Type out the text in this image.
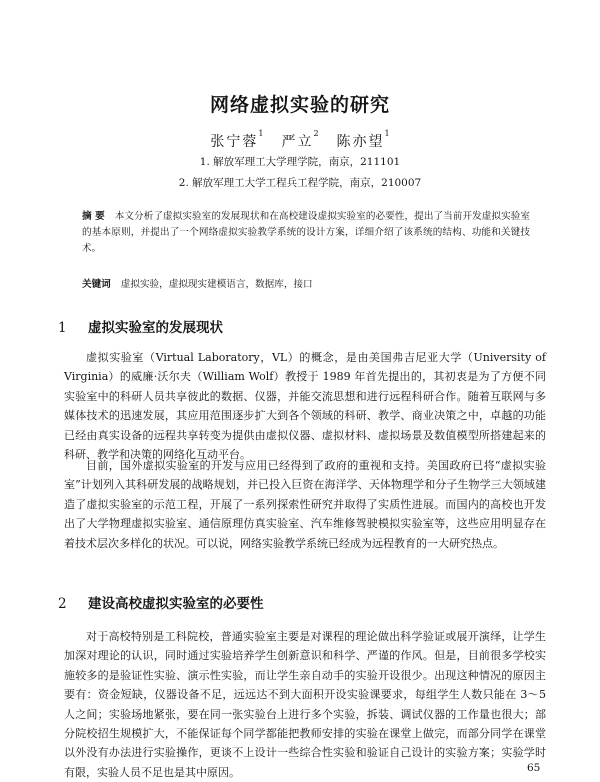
网络虚拟实验的研究
张宁蓉$^1$严立$^2$陈亦望$^1$
1. 解放军理工大学理学院，南京，211101
2. 解放军理工大学工程兵工程学院，南京，210007
摘 要 本文分析了虚拟实验室的发展现状和在高校建设虚拟实验室的必要性，提出了当前开发虚拟实验室的基本原则，并提出了一个网络虚拟实验教学系统的设计方案，详细介绍了该系统的结构、功能和关键技术。
关键词 虚拟实验，虚拟现实建模语言，数据库，接口
1 虚拟实验室的发展现状

虚拟实验室（Virtual Laboratory，VL）的概念，是由美国弗吉尼亚大学（University of Virginia）的威廉·沃尔夫（William Wolf）教授于 1989 年首先提出的，其初衷是为了方便不同实验室中的科研人员共享彼此的数据、仪器，并能交流思想和进行远程科研合作。随着互联网与多媒体技术的迅速发展，其应用范围逐步扩大到各个领域的科研、教学、商业决策之中，卓越的功能已经由真实设备的远程共享转变为提供由虚拟仪器、虚拟材料、虚拟场景及数值模型所搭建起来的科研、教学和决策的网络化互动平台。

目前，国外虚拟实验室的开发与应用已经得到了政府的重视和支持。美国政府已将“虚拟实验室”计划列入其科研发展的战略规划，并已投入巨资在海洋学、天体物理学和分子生物学三大领域建造了虚拟实验室的示范工程，开展了一系列探索性研究并取得了实质性进展。而国内的高校也开发出了大学物理虚拟实验室、通信原理仿真实验室、汽车维修驾驶模拟实验室等，这些应用明显存在着技术层次多样化的状况。可以说，网络实验教学系统已经成为远程教育的一大研究热点。

2 建设高校虚拟实验室的必要性

对于高校特别是工科院校，普通实验室主要是对课程的理论做出科学验证或展开演绎，让学生加深对理论的认识，同时通过实验培养学生创新意识和科学、严谨的作风。但是，目前很多学校实施较多的是验证性实验、演示性实验，而让学生亲自动手的实验开设很少。出现这种情况的原因主要有：资金短缺，仪器设备不足，远远达不到大面积开设实验课要求，每组学生人数只能在 3～5 人之间；实验场地紧张，要在同一张实验台上进行多个实验，拆装、调试仪器的工作量也很大；部分院校招生规模扩大，不能保证每个同学都能把教师安排的实验在课堂上做完，而部分同学在课堂以外没有办法进行实验操作，更谈不上设计一些综合性实验和验证自己设计的实验方案；实验学时有限，实验人员不足也是其中原因。	65
